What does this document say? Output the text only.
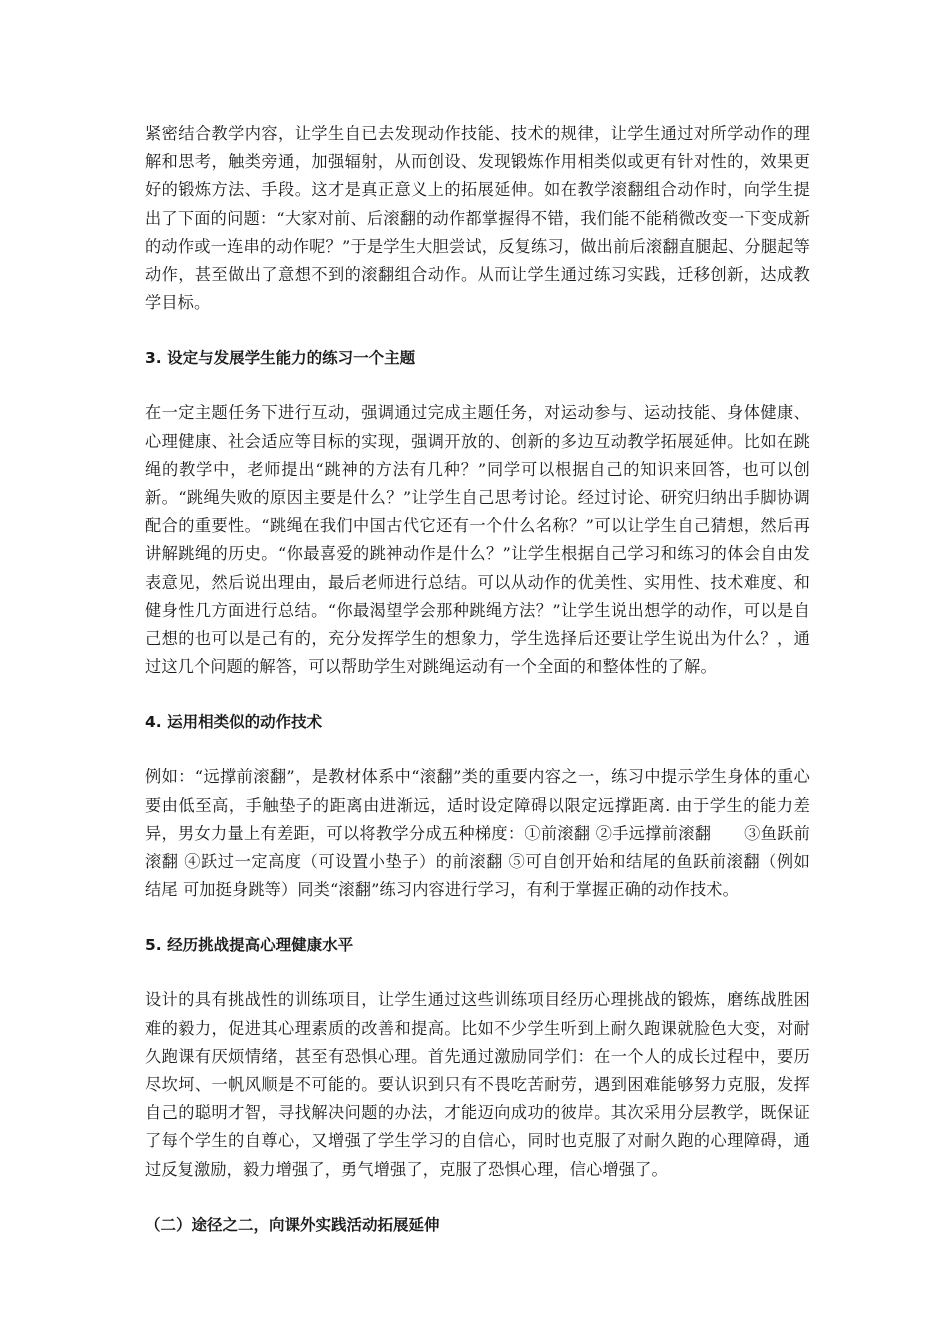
紧密结合教学内容，让学生自已去发现动作技能、技术的规律，让学生通过对所学动作的理解和思考，触类旁通，加强辐射，从而创设、发现锻炼作用相类似或更有针对性的，效果更好的锻炼方法、手段。这才是真正意义上的拓展延伸。如在教学滚翻组合动作时，向学生提出了下面的问题：“大家对前、后滚翻的动作都掌握得不错，我们能不能稍微改变一下变成新的动作或一连串的动作呢？”于是学生大胆尝试，反复练习，做出前后滚翻直腿起、分腿起等动作，甚至做出了意想不到的滚翻组合动作。从而让学生通过练习实践，迁移创新，达成教学目标。

3. 设定与发展学生能力的练习一个主题

在一定主题任务下进行互动，强调通过完成主题任务，对运动参与、运动技能、身体健康、心理健康、社会适应等目标的实现，强调开放的、创新的多边互动教学拓展延伸。比如在跳绳的教学中，老师提出“跳神的方法有几种？”同学可以根据自己的知识来回答，也可以创新。“跳绳失败的原因主要是什么？”让学生自己思考讨论。经过讨论、研究归纳出手脚协调配合的重要性。“跳绳在我们中国古代它还有一个什么名称？”可以让学生自己猜想，然后再讲解跳绳的历史。“你最喜爱的跳神动作是什么？”让学生根据自己学习和练习的体会自由发表意见，然后说出理由，最后老师进行总结。可以从动作的优美性、实用性、技术难度、和健身性几方面进行总结。“你最渴望学会那种跳绳方法？”让学生说出想学的动作，可以是自己想的也可以是己有的，充分发挥学生的想象力，学生选择后还要让学生说出为什么？，通过这几个问题的解答，可以帮助学生对跳绳运动有一个全面的和整体性的了解。

4. 运用相类似的动作技术

例如：“远撑前滚翻”，是教材体系中“滚翻”类的重要内容之一，练习中提示学生身体的重心要由低至高，手触垫子的距离由进渐远，适时设定障碍以限定远撑距离. 由于学生的能力差异，男女力量上有差距，可以将教学分成五种梯度：①前滚翻 ②手远撑前滚翻　　③鱼跃前滚翻 ④跃过一定高度（可设置小垫子）的前滚翻 ⑤可自创开始和结尾的鱼跃前滚翻（例如 结尾 可加挺身跳等）同类“滚翻”练习内容进行学习，有利于掌握正确的动作技术。

5. 经历挑战提高心理健康水平

设计的具有挑战性的训练项目，让学生通过这些训练项目经历心理挑战的锻炼，磨练战胜困难的毅力，促进其心理素质的改善和提高。比如不少学生听到上耐久跑课就脸色大变，对耐久跑课有厌烦情绪，甚至有恐惧心理。首先通过激励同学们：在一个人的成长过程中，要历尽坎坷、一帆风顺是不可能的。要认识到只有不畏吃苦耐劳，遇到困难能够努力克服，发挥自己的聪明才智，寻找解决问题的办法，才能迈向成功的彼岸。其次采用分层教学，既保证了每个学生的自尊心，又增强了学生学习的自信心，同时也克服了对耐久跑的心理障碍，通过反复激励，毅力增强了，勇气增强了，克服了恐惧心理，信心增强了。

（二）途径之二，向课外实践活动拓展延伸
